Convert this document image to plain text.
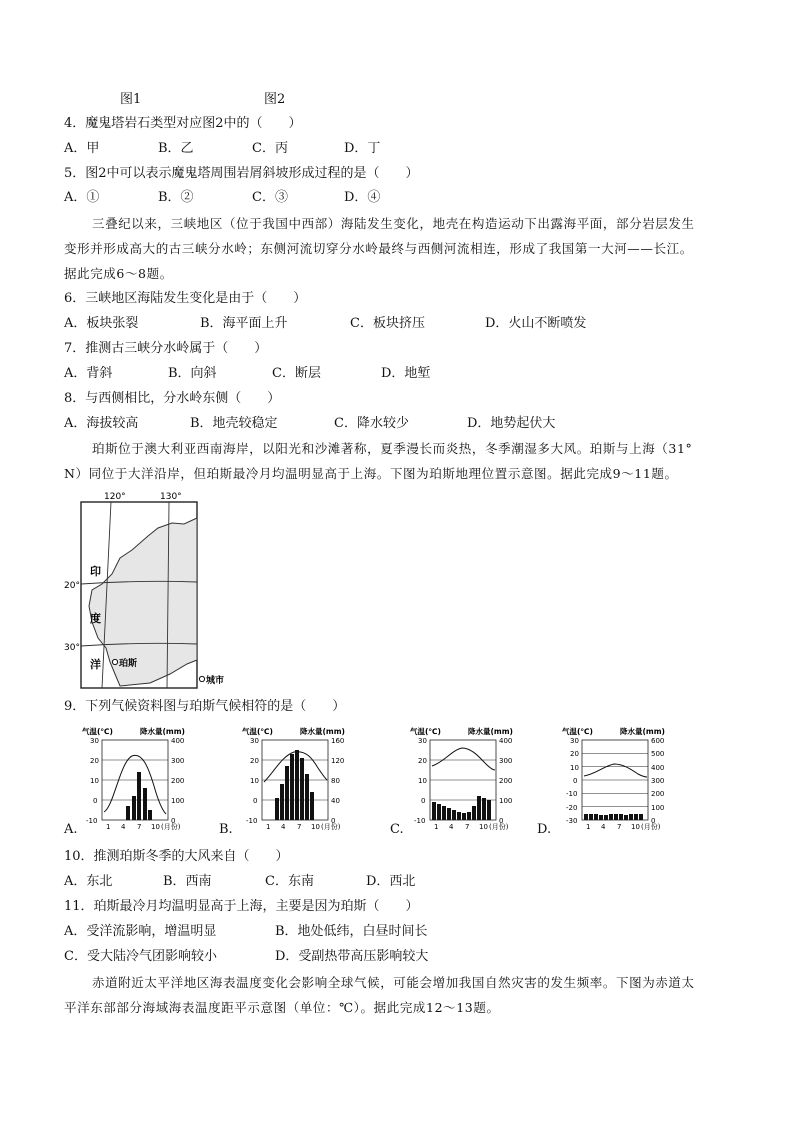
图1	图2
4．魔鬼塔岩石类型对应图2中的（　　）
A．甲	B．乙	C．丙	D．丁
5．图2中可以表示魔鬼塔周围岩屑斜坡形成过程的是（　　）
A．①	B．②	C．③	D．④
三叠纪以来，三峡地区（位于我国中西部）海陆发生变化，地壳在构造运动下出露海平面，部分岩层发生
变形并形成高大的古三峡分水岭；东侧河流切穿分水岭最终与西侧河流相连，形成了我国第一大河——长江。
据此完成6～8题。
6．三峡地区海陆发生变化是由于（　　）
A．板块张裂	B．海平面上升	C．板块挤压	D．火山不断喷发
7．推测古三峡分水岭属于（　　）
A．背斜	B．向斜	C．断层	D．地堑
8．与西侧相比，分水岭东侧（　　）
A．海拔较高	B．地壳较稳定	C．降水较少	D．地势起伏大
珀斯位于澳大利亚西南海岸，以阳光和沙滩著称，夏季漫长而炎热，冬季潮湿多大风。珀斯与上海（31°
N）同位于大洋沿岸，但珀斯最冷月均温明显高于上海。下图为珀斯地理位置示意图。据此完成9～11题。
120°	130°
20°
30°
印
度
洋 珀斯
城市
9．下列气候资料图与珀斯气候相符的是（　　）
A.
气温(℃)	降水量(mm)
30
20
10
0
-10
400
300
200
100
0
1 4 7 10 (月份)	B.
气温(℃)	降水量(mm)
30
20
10
0
-10
160
120
80
40
0
1 4 7 10 (月份)	C.
气温(℃)	降水量(mm)
30
20
10
0
-10
400
300
200
100
0
1 4 7 10 (月份) D.
气温(℃)	降水量(mm)
30
20
10
0
-10
-20
-30
600
500
400
300
200
100
0
1 4 7 10 (月份)
10．推测珀斯冬季的大风来自（　　）
A．东北	B．西南	C．东南	D．西北
11．珀斯最冷月均温明显高于上海，主要是因为珀斯（　　）
A．受洋流影响，增温明显	B．地处低纬，白昼时间长
C．受大陆冷气团影响较小	D．受副热带高压影响较大
赤道附近太平洋地区海表温度变化会影响全球气候，可能会增加我国自然灾害的发生频率。下图为赤道太
平洋东部部分海域海表温度距平示意图（单位：℃）。据此完成12～13题。
